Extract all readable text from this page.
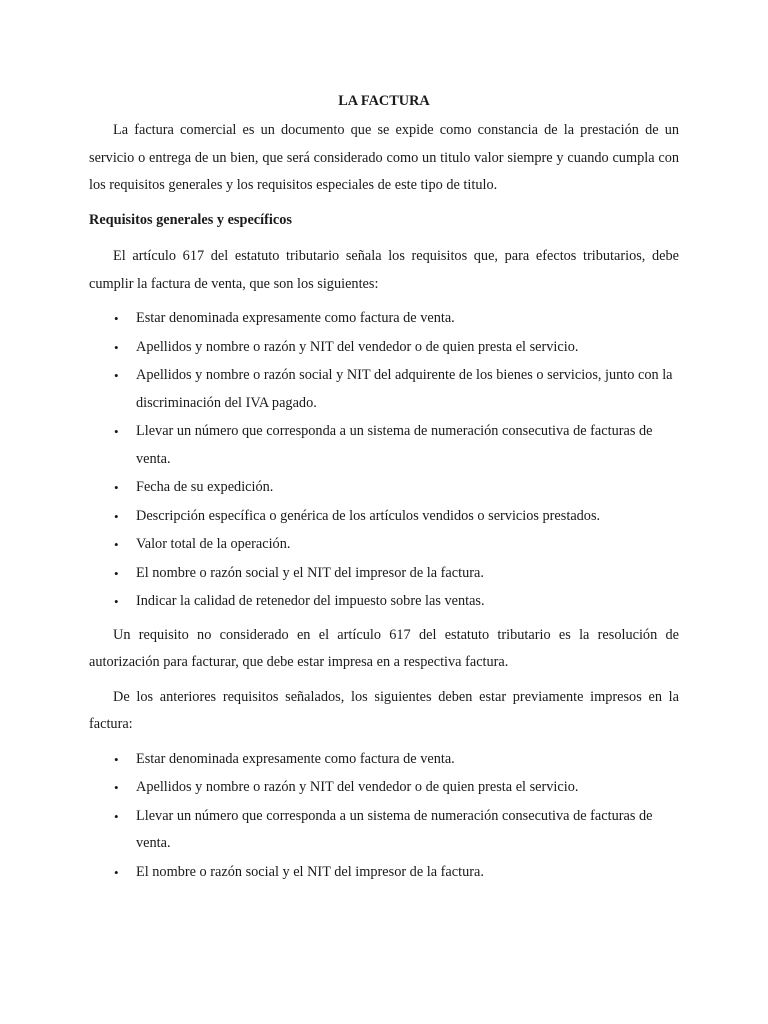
LA FACTURA

La factura comercial es un documento que se expide como constancia de la prestación de un servicio o entrega de un bien, que será considerado como un titulo valor siempre y cuando cumpla con los requisitos generales y los requisitos especiales de este tipo de titulo.

Requisitos generales y específicos

El artículo 617 del estatuto tributario señala los requisitos que, para efectos tributarios, debe cumplir la factura de venta, que son los siguientes:

• Estar denominada expresamente como factura de venta.
• Apellidos y nombre o razón y NIT del vendedor o de quien presta el servicio.
• Apellidos y nombre o razón social y NIT del adquirente de los bienes o servicios, junto con la discriminación del IVA pagado.
• Llevar un número que corresponda a un sistema de numeración consecutiva de facturas de venta.
• Fecha de su expedición.
• Descripción específica o genérica de los artículos vendidos o servicios prestados.
• Valor total de la operación.
• El nombre o razón social y el NIT del impresor de la factura.
• Indicar la calidad de retenedor del impuesto sobre las ventas.

Un requisito no considerado en el artículo 617 del estatuto tributario es la resolución de autorización para facturar, que debe estar impresa en a respectiva factura.

De los anteriores requisitos señalados, los siguientes deben estar previamente impresos en la factura:

• Estar denominada expresamente como factura de venta.
• Apellidos y nombre o razón y NIT del vendedor o de quien presta el servicio.
• Llevar un número que corresponda a un sistema de numeración consecutiva de facturas de venta.
• El nombre o razón social y el NIT del impresor de la factura.
